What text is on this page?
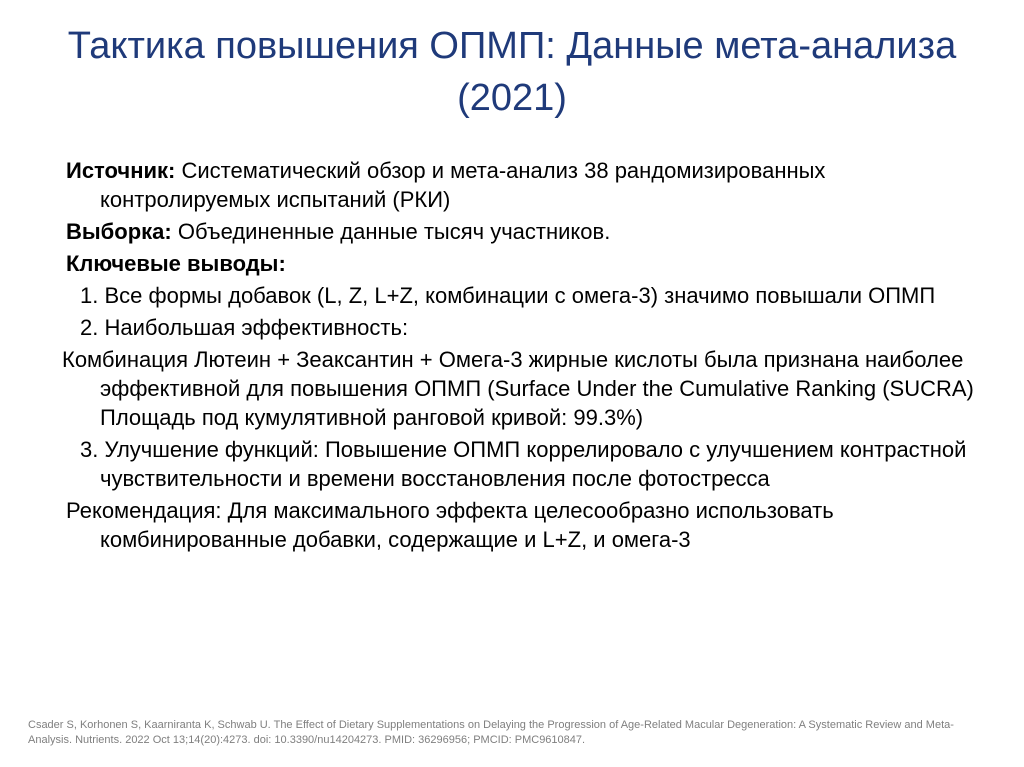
Тактика повышения ОПМП: Данные мета-анализа (2021)

Источник: Систематический обзор и мета-анализ 38 рандомизированных контролируемых испытаний (РКИ)

Выборка: Объединенные данные тысяч участников.

Ключевые выводы:

1. Все формы добавок (L, Z, L+Z, комбинации с омега-3) значимо повышали ОПМП

2. Наибольшая эффективность:

Комбинация Лютеин + Зеаксантин + Омега-3 жирные кислоты была признана наиболее эффективной для повышения ОПМП (Surface Under the Cumulative Ranking (SUCRA) Площадь под кумулятивной ранговой кривой: 99.3%)

3. Улучшение функций: Повышение ОПМП коррелировало с улучшением контрастной чувствительности и времени восстановления после фотострессa

Рекомендация: Для максимального эффекта целесообразно использовать комбинированные добавки, содержащие и L+Z, и омега-3

Csader S, Korhonen S, Kaarniranta K, Schwab U. The Effect of Dietary Supplementations on Delaying the Progression of Age-Related Macular Degeneration: A Systematic Review and Meta-Analysis. Nutrients. 2022 Oct 13;14(20):4273. doi: 10.3390/nu14204273. PMID: 36296956; PMCID: PMC9610847.
